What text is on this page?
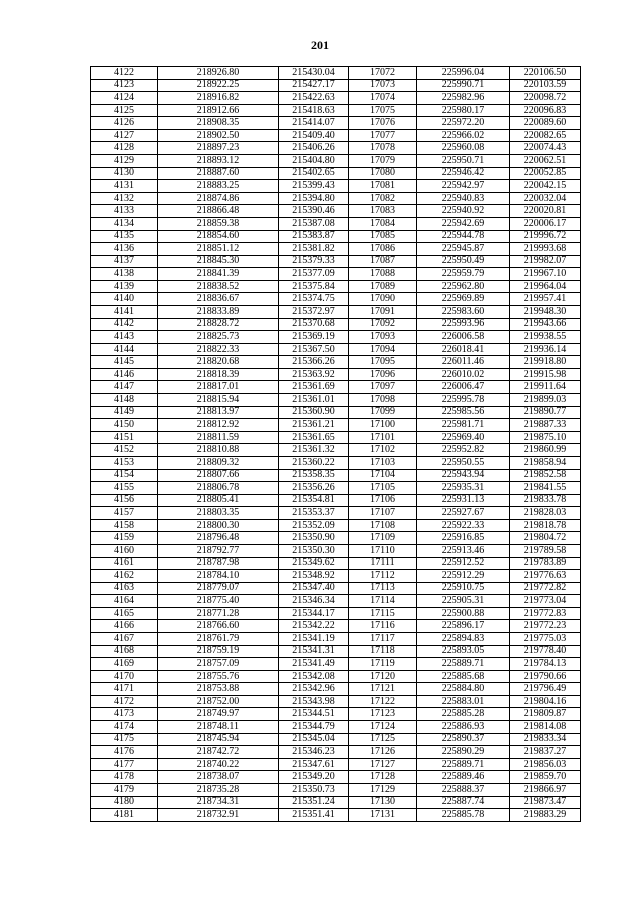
201
4122	218926.80	215430.04	17072	225996.04	220106.50
4123	218922.25	215427.17	17073	225990.71	220103.59
4124	218916.82	215422.63	17074	225982.96	220098.72
4125	218912.66	215418.63	17075	225980.17	220096.83
4126	218908.35	215414.07	17076	225972.20	220089.60
4127	218902.50	215409.40	17077	225966.02	220082.65
4128	218897.23	215406.26	17078	225960.08	220074.43
4129	218893.12	215404.80	17079	225950.71	220062.51
4130	218887.60	215402.65	17080	225946.42	220052.85
4131	218883.25	215399.43	17081	225942.97	220042.15
4132	218874.86	215394.80	17082	225940.83	220032.04
4133	218866.48	215390.46	17083	225940.92	220020.81
4134	218859.38	215387.08	17084	225942.69	220006.17
4135	218854.60	215383.87	17085	225944.78	219996.72
4136	218851.12	215381.82	17086	225945.87	219993.68
4137	218845.30	215379.33	17087	225950.49	219982.07
4138	218841.39	215377.09	17088	225959.79	219967.10
4139	218838.52	215375.84	17089	225962.80	219964.04
4140	218836.67	215374.75	17090	225969.89	219957.41
4141	218833.89	215372.97	17091	225983.60	219948.30
4142	218828.72	215370.68	17092	225993.96	219943.66
4143	218825.73	215369.19	17093	226006.58	219938.55
4144	218822.33	215367.50	17094	226018.41	219936.14
4145	218820.68	215366.26	17095	226011.46	219918.80
4146	218818.39	215363.92	17096	226010.02	219915.98
4147	218817.01	215361.69	17097	226006.47	219911.64
4148	218815.94	215361.01	17098	225995.78	219899.03
4149	218813.97	215360.90	17099	225985.56	219890.77
4150	218812.92	215361.21	17100	225981.71	219887.33
4151	218811.59	215361.65	17101	225969.40	219875.10
4152	218810.88	215361.32	17102	225952.82	219860.99
4153	218809.32	215360.22	17103	225950.55	219858.94
4154	218807.66	215358.35	17104	225943.94	219852.58
4155	218806.78	215356.26	17105	225935.31	219841.55
4156	218805.41	215354.81	17106	225931.13	219833.78
4157	218803.35	215353.37	17107	225927.67	219828.03
4158	218800.30	215352.09	17108	225922.33	219818.78
4159	218796.48	215350.90	17109	225916.85	219804.72
4160	218792.77	215350.30	17110	225913.46	219789.58
4161	218787.98	215349.62	17111	225912.52	219783.89
4162	218784.10	215348.92	17112	225912.29	219776.63
4163	218779.07	215347.40	17113	225910.75	219772.82
4164	218775.40	215346.34	17114	225905.31	219773.04
4165	218771.28	215344.17	17115	225900.88	219772.83
4166	218766.60	215342.22	17116	225896.17	219772.23
4167	218761.79	215341.19	17117	225894.83	219775.03
4168	218759.19	215341.31	17118	225893.05	219778.40
4169	218757.09	215341.49	17119	225889.71	219784.13
4170	218755.76	215342.08	17120	225885.68	219790.66
4171	218753.88	215342.96	17121	225884.80	219796.49
4172	218752.00	215343.98	17122	225883.01	219804.16
4173	218749.97	215344.51	17123	225885.28	219809.87
4174	218748.11	215344.79	17124	225886.93	219814.08
4175	218745.94	215345.04	17125	225890.37	219833.34
4176	218742.72	215346.23	17126	225890.29	219837.27
4177	218740.22	215347.61	17127	225889.71	219856.03
4178	218738.07	215349.20	17128	225889.46	219859.70
4179	218735.28	215350.73	17129	225888.37	219866.97
4180	218734.31	215351.24	17130	225887.74	219873.47
4181	218732.91	215351.41	17131	225885.78	219883.29
